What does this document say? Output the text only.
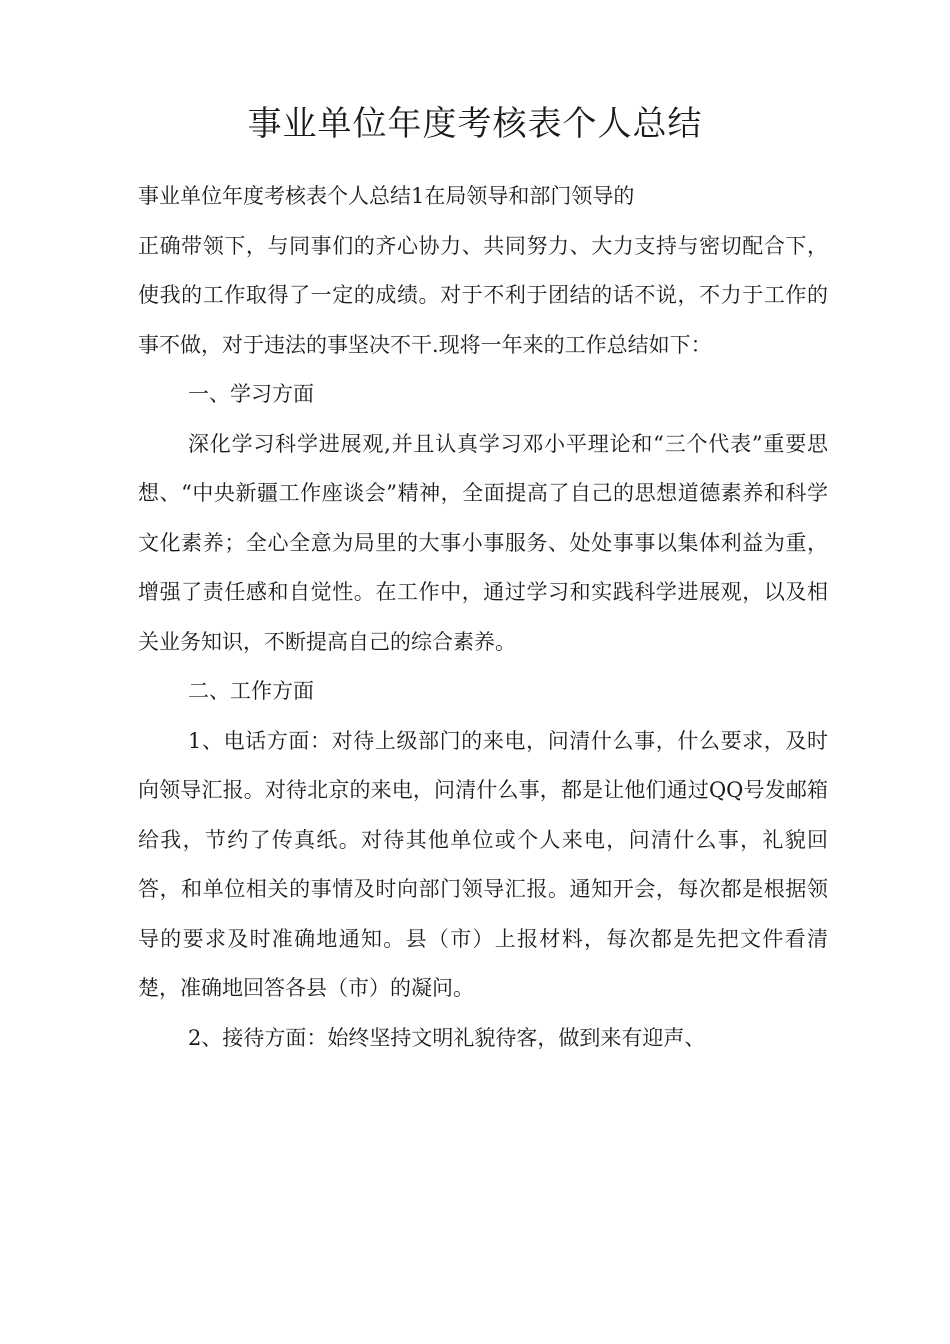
事业单位年度考核表个人总结

事业单位年度考核表个人总结1在局领导和部门领导的

正确带领下，与同事们的齐心协力、共同努力、大力支持与密切配合下，使我的工作取得了一定的成绩。对于不利于团结的话不说，不力于工作的事不做，对于违法的事坚决不干.现将一年来的工作总结如下：

一、学习方面

深化学习科学进展观,并且认真学习邓小平理论和“三个代表”重要思想、“中央新疆工作座谈会”精神，全面提高了自己的思想道德素养和科学文化素养；全心全意为局里的大事小事服务、处处事事以集体利益为重，增强了责任感和自觉性。在工作中，通过学习和实践科学进展观，以及相关业务知识，不断提高自己的综合素养。

二、工作方面

1、电话方面：对待上级部门的来电，问清什么事，什么要求，及时向领导汇报。对待北京的来电，问清什么事，都是让他们通过QQ号发邮箱给我，节约了传真纸。对待其他单位或个人来电，问清什么事，礼貌回答，和单位相关的事情及时向部门领导汇报。通知开会，每次都是根据领导的要求及时准确地通知。县（市）上报材料，每次都是先把文件看清楚，准确地回答各县（市）的凝问。

2、接待方面：始终坚持文明礼貌待客，做到来有迎声、
